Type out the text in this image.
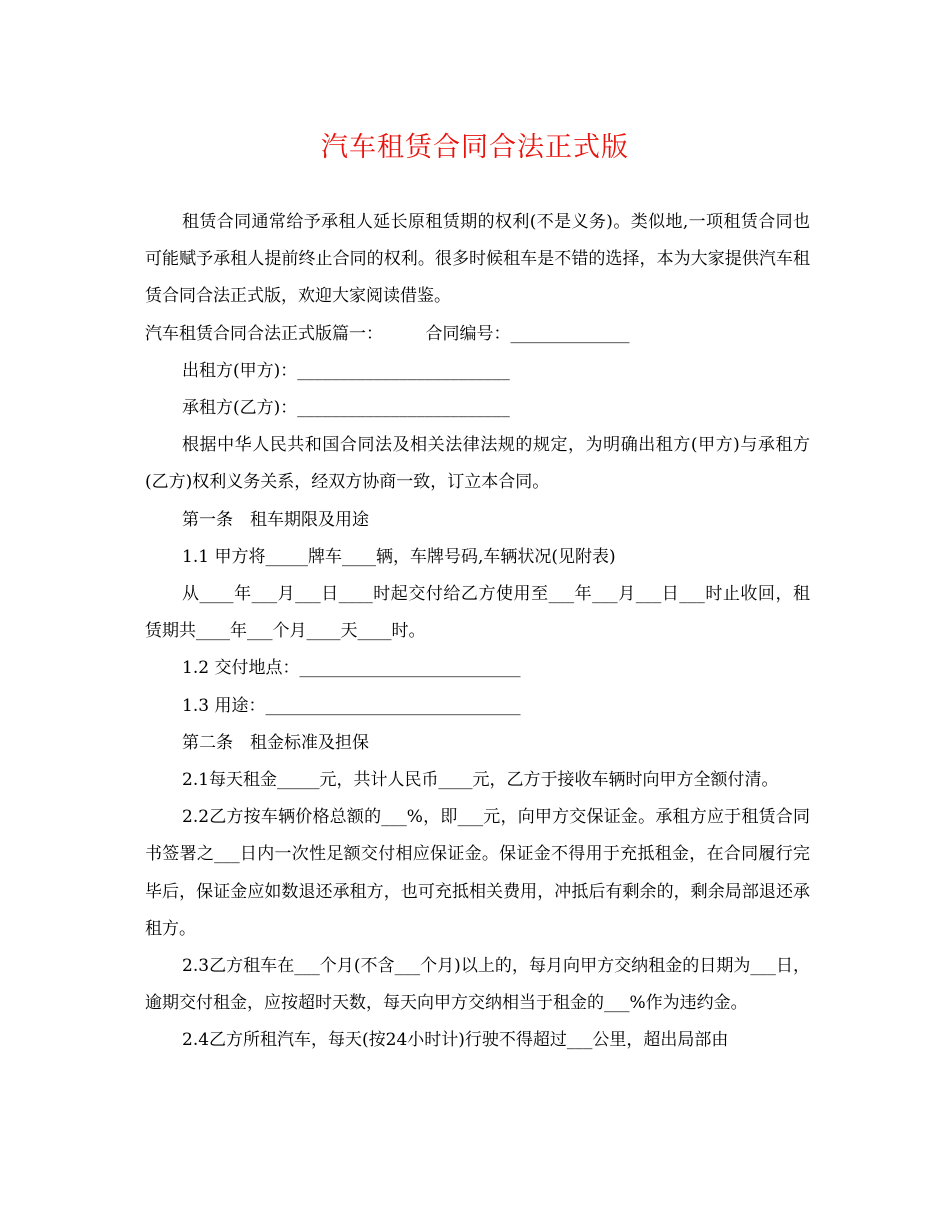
汽车租赁合同合法正式版

租赁合同通常给予承租人延长原租赁期的权利(不是义务)。类似地,一项租赁合同也可能赋予承租人提前终止合同的权利。很多时候租车是不错的选择，本为大家提供汽车租赁合同合法正式版，欢迎大家阅读借鉴。

汽车租赁合同合法正式版篇一：　　　合同编号：______________

出租方(甲方)：_________________________

承租方(乙方)：_________________________

根据中华人民共和国合同法及相关法律法规的规定，为明确出租方(甲方)与承租方(乙方)权利义务关系，经双方协商一致，订立本合同。

第一条　租车期限及用途

1.1 甲方将_____牌车____辆，车牌号码,车辆状况(见附表)

从____年___月___日____时起交付给乙方使用至___年___月___日___时止收回，租赁期共____年___个月____天____时。

1.2 交付地点：__________________________

1.3 用途：______________________________

第二条　租金标准及担保

2.1每天租金_____元，共计人民币____元，乙方于接收车辆时向甲方全额付清。

2.2乙方按车辆价格总额的___%，即___元，向甲方交保证金。承租方应于租赁合同书签署之___日内一次性足额交付相应保证金。保证金不得用于充抵租金，在合同履行完毕后，保证金应如数退还承租方，也可充抵相关费用，冲抵后有剩余的，剩余局部退还承租方。

2.3乙方租车在___个月(不含___个月)以上的，每月向甲方交纳租金的日期为___日，逾期交付租金，应按超时天数，每天向甲方交纳相当于租金的___%作为违约金。

2.4乙方所租汽车，每天(按24小时计)行驶不得超过___公里，超出局部由
